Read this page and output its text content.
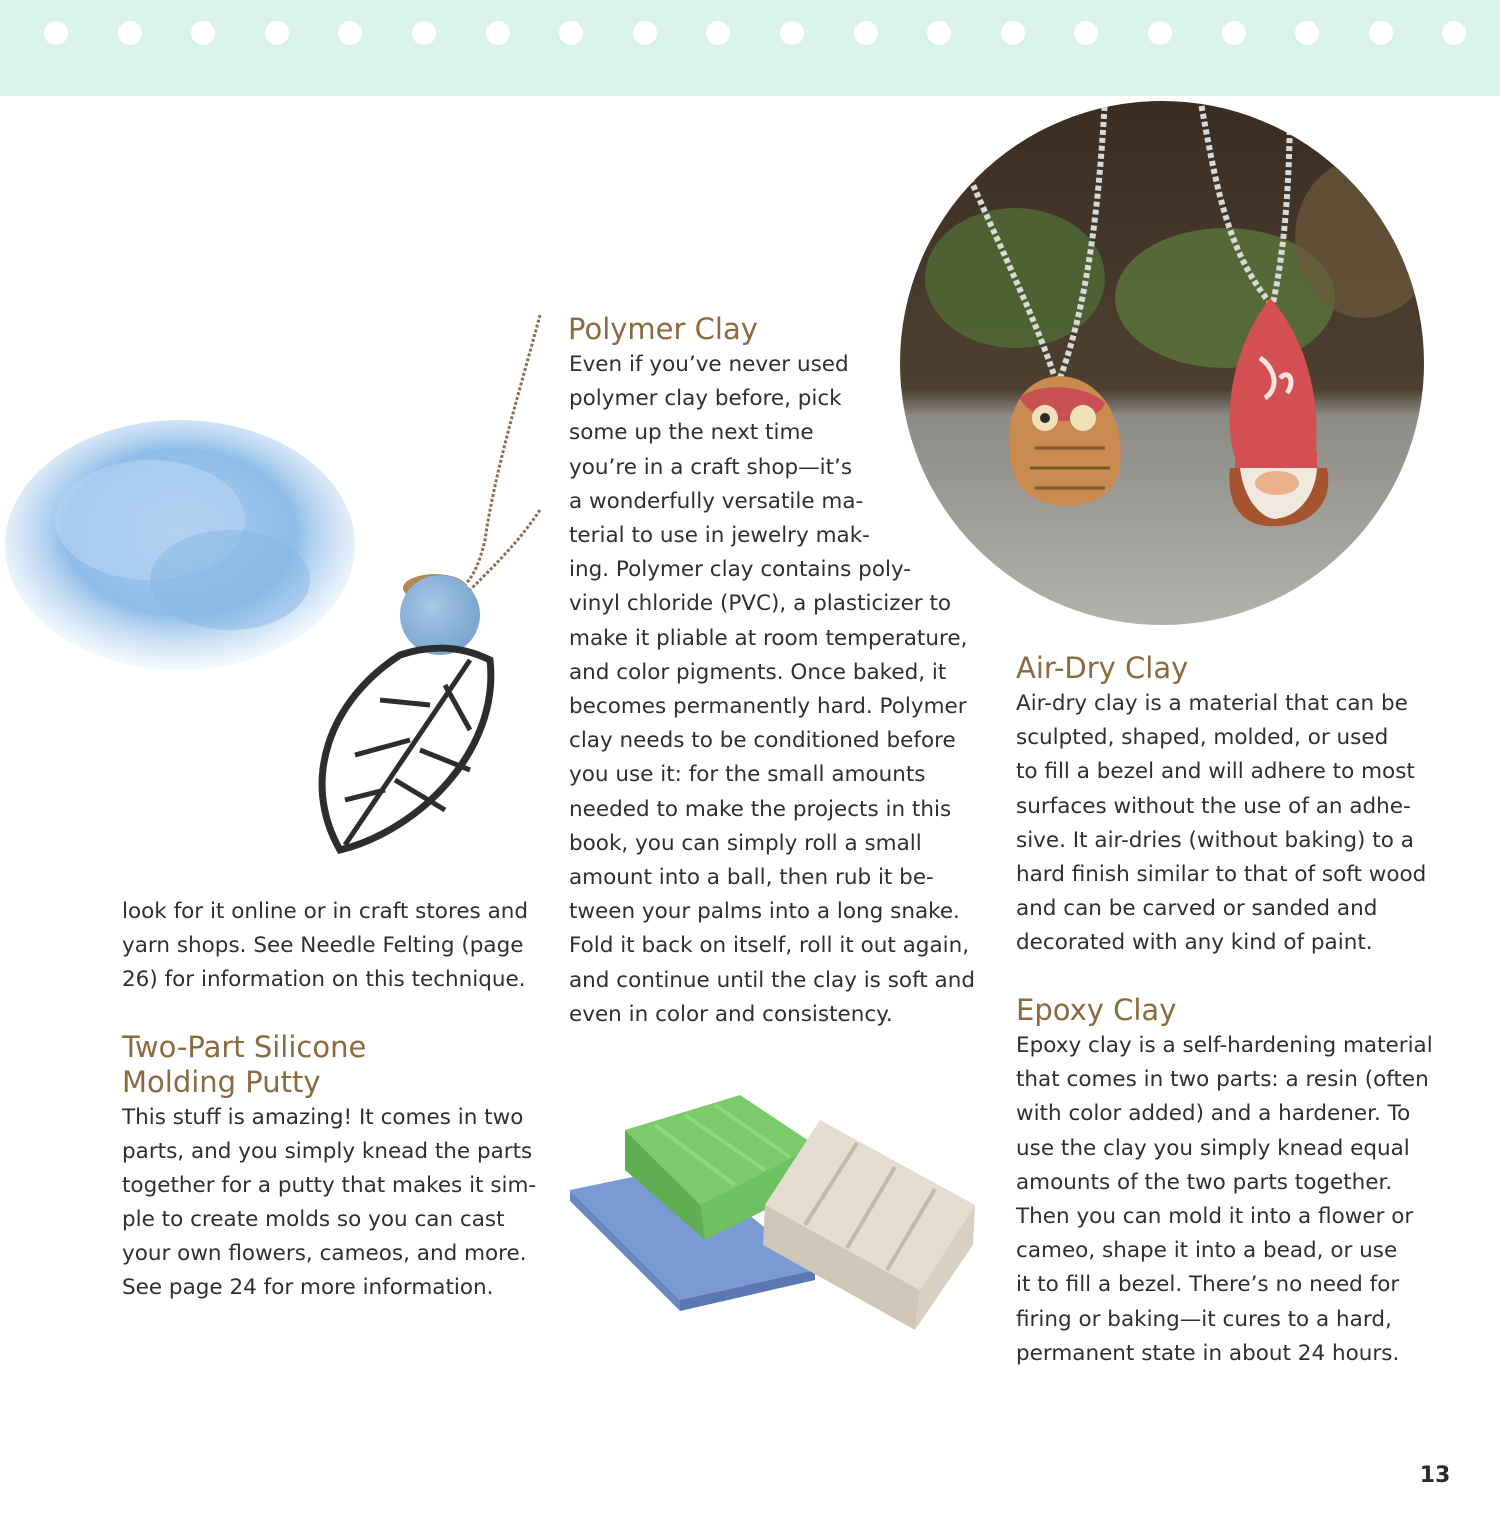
look for it online or in craft stores and
yarn shops. See Needle Felting (page
26) for information on this technique.
Two-Part Silicone
Molding Putty
This stuff is amazing! It comes in two
parts, and you simply knead the parts
together for a putty that makes it sim-
ple to create molds so you can cast
your own flowers, cameos, and more.
See page 24 for more information.
Polymer Clay
Even if you’ve never used
polymer clay before, pick
some up the next time
you’re in a craft shop—it’s
a wonderfully versatile ma-
terial to use in jewelry mak-
ing. Polymer clay contains poly-
vinyl chloride (PVC), a plasticizer to
make it pliable at room temperature,
and color pigments. Once baked, it
becomes permanently hard. Polymer
clay needs to be conditioned before
you use it: for the small amounts
needed to make the projects in this
book, you can simply roll a small
amount into a ball, then rub it be-
tween your palms into a long snake.
Fold it back on itself, roll it out again,
and continue until the clay is soft and
even in color and consistency.
Air-Dry Clay
Air-dry clay is a material that can be
sculpted, shaped, molded, or used
to fill a bezel and will adhere to most
surfaces without the use of an adhe-
sive. It air-dries (without baking) to a
hard finish similar to that of soft wood
and can be carved or sanded and
decorated with any kind of paint.
Epoxy Clay
Epoxy clay is a self-hardening material
that comes in two parts: a resin (often
with color added) and a hardener. To
use the clay you simply knead equal
amounts of the two parts together.
Then you can mold it into a flower or
cameo, shape it into a bead, or use
it to fill a bezel. There’s no need for
firing or baking—it cures to a hard,
permanent state in about 24 hours.
13
